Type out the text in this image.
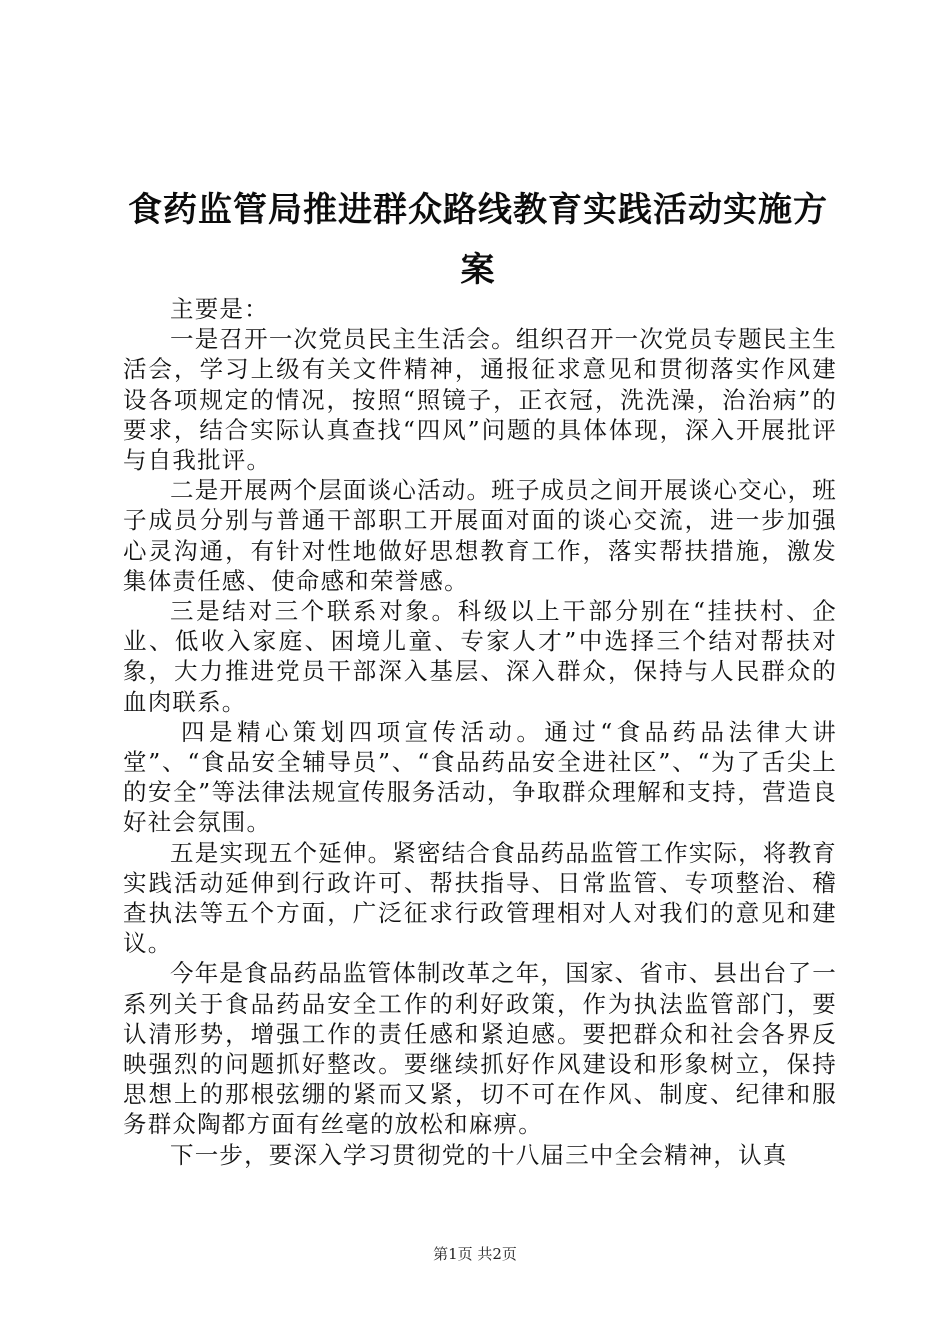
食药监管局推进群众路线教育实践活动实施方案

主要是：

一是召开一次党员民主生活会。组织召开一次党员专题民主生活会，学习上级有关文件精神，通报征求意见和贯彻落实作风建设各项规定的情况，按照“照镜子，正衣冠，洗洗澡，治治病”的要求，结合实际认真查找“四风”问题的具体体现，深入开展批评与自我批评。

二是开展两个层面谈心活动。班子成员之间开展谈心交心，班子成员分别与普通干部职工开展面对面的谈心交流，进一步加强心灵沟通，有针对性地做好思想教育工作，落实帮扶措施，激发集体责任感、使命感和荣誉感。

三是结对三个联系对象。科级以上干部分别在“挂扶村、企业、低收入家庭、困境儿童、专家人才”中选择三个结对帮扶对象，大力推进党员干部深入基层、深入群众，保持与人民群众的血肉联系。

四是精心策划四项宣传活动。通过“食品药品法律大讲堂”、“食品安全辅导员”、“食品药品安全进社区”、“为了舌尖上的安全”等法律法规宣传服务活动，争取群众理解和支持，营造良好社会氛围。

五是实现五个延伸。紧密结合食品药品监管工作实际，将教育实践活动延伸到行政许可、帮扶指导、日常监管、专项整治、稽查执法等五个方面，广泛征求行政管理相对人对我们的意见和建议。

今年是食品药品监管体制改革之年，国家、省市、县出台了一系列关于食品药品安全工作的利好政策，作为执法监管部门，要认清形势，增强工作的责任感和紧迫感。要把群众和社会各界反映强烈的问题抓好整改。要继续抓好作风建设和形象树立，保持思想上的那根弦绷的紧而又紧，切不可在作风、制度、纪律和服务群众陶都方面有丝毫的放松和麻痹。

下一步，要深入学习贯彻党的十八届三中全会精神，认真

第1页 共2页
